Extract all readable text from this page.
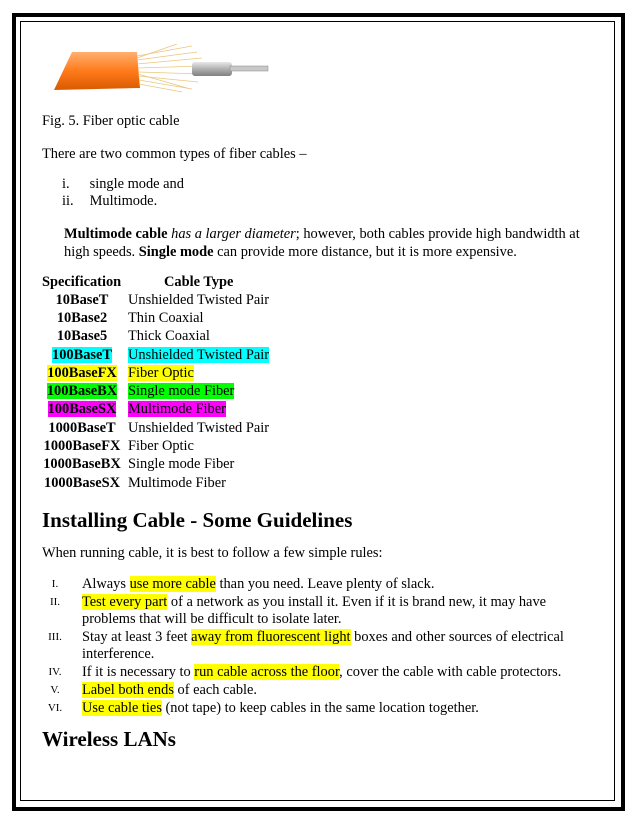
Fig. 5. Fiber optic cable
There are two common types of fiber cables –
i. single mode and
ii. Multimode.
Multimode cable has a larger diameter; however, both cables provide high bandwidth at high speeds. Single mode can provide more distance, but it is more expensive.
Specification	Cable Type
10BaseT	Unshielded Twisted Pair
10Base2	Thin Coaxial
10Base5	Thick Coaxial
100BaseT	Unshielded Twisted Pair
100BaseFX	Fiber Optic
100BaseBX	Single mode Fiber
100BaseSX	Multimode Fiber
1000BaseT	Unshielded Twisted Pair
1000BaseFX	Fiber Optic
1000BaseBX	Single mode Fiber
1000BaseSX	Multimode Fiber
Installing Cable - Some Guidelines
When running cable, it is best to follow a few simple rules:
I.	Always use more cable than you need. Leave plenty of slack.
II.	Test every part of a network as you install it. Even if it is brand new, it may have problems that will be difficult to isolate later.
III.	Stay at least 3 feet away from fluorescent light boxes and other sources of electrical interference.
IV.	If it is necessary to run cable across the floor, cover the cable with cable protectors.
V.	Label both ends of each cable.
VI.	Use cable ties (not tape) to keep cables in the same location together.
Wireless LANs
